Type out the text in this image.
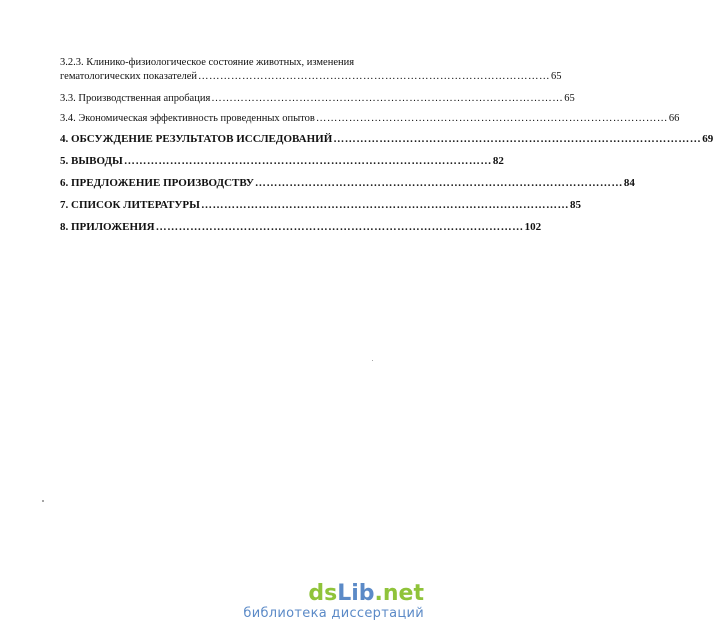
3.2.3. Клинико-физиологическое состояние животных, изменения
гематологических показателей …………………………………………………………………………………… 65
3.3. Производственная апробация …………………………………………………………………………………… 65
3.4. Экономическая эффективность проведенных опытов …………………………………………………………………………………… 66
4. ОБСУЖДЕНИЕ РЕЗУЛЬТАТОВ ИССЛЕДОВАНИЙ …………………………………………………………………………………… 69
5. ВЫВОДЫ …………………………………………………………………………………… 82
6. ПРЕДЛОЖЕНИЕ ПРОИЗВОДСТВУ …………………………………………………………………………………… 84
7. СПИСОК ЛИТЕРАТУРЫ …………………………………………………………………………………… 85
8. ПРИЛОЖЕНИЯ …………………………………………………………………………………… 102
dsLib.net
библиотека диссертаций
